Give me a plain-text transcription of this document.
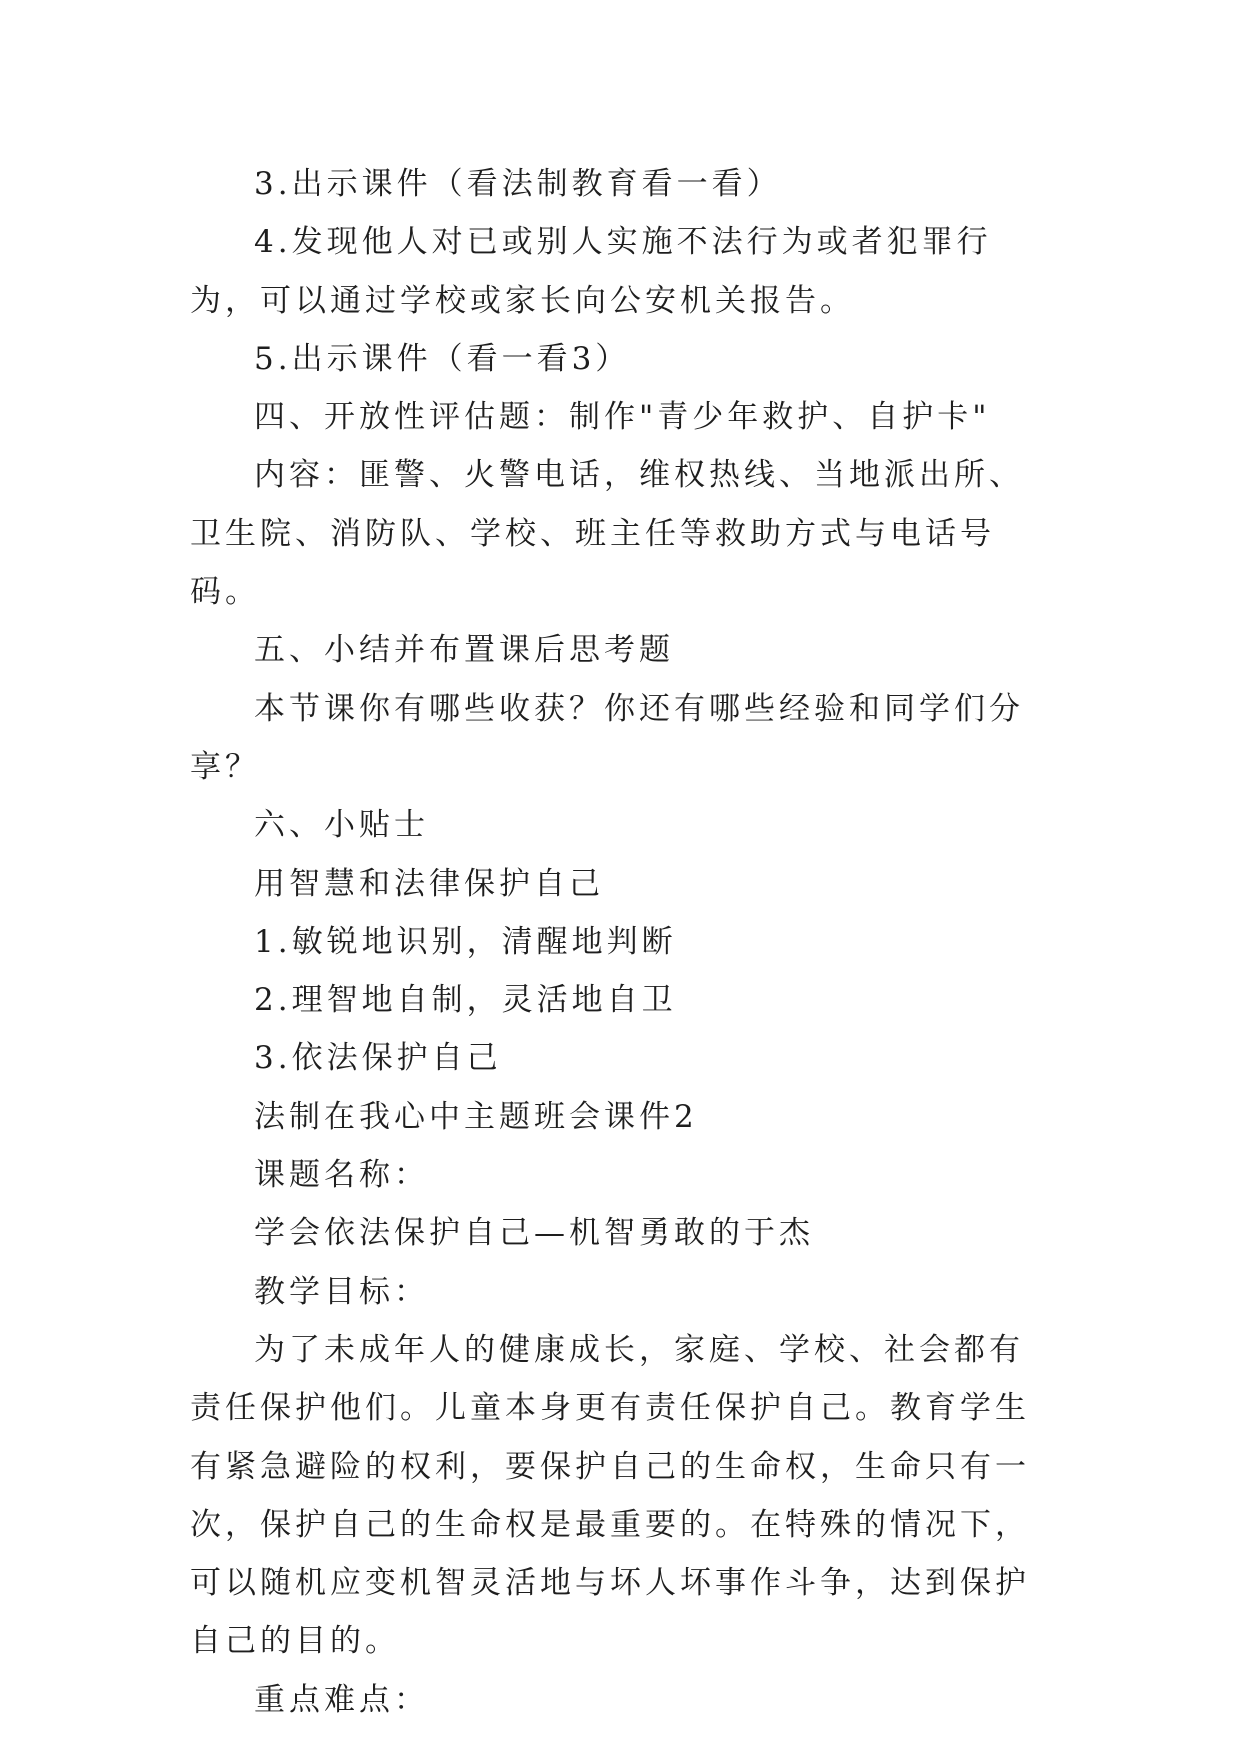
3.出示课件（看法制教育看一看）

4.发现他人对已或别人实施不法行为或者犯罪行为，可以通过学校或家长向公安机关报告。

5.出示课件（看一看3）

四、开放性评估题：制作"青少年救护、自护卡"

内容：匪警、火警电话，维权热线、当地派出所、卫生院、消防队、学校、班主任等救助方式与电话号码。

五、小结并布置课后思考题

本节课你有哪些收获？你还有哪些经验和同学们分享？

六、小贴士

用智慧和法律保护自己

1.敏锐地识别，清醒地判断

2.理智地自制，灵活地自卫

3.依法保护自己

法制在我心中主题班会课件2

课题名称：

学会依法保护自己—机智勇敢的于杰

教学目标：

为了未成年人的健康成长，家庭、学校、社会都有责任保护他们。儿童本身更有责任保护自己。教育学生有紧急避险的权利，要保护自己的生命权，生命只有一次，保护自己的生命权是最重要的。在特殊的情况下，可以随机应变机智灵活地与坏人坏事作斗争，达到保护自己的目的。

重点难点：
